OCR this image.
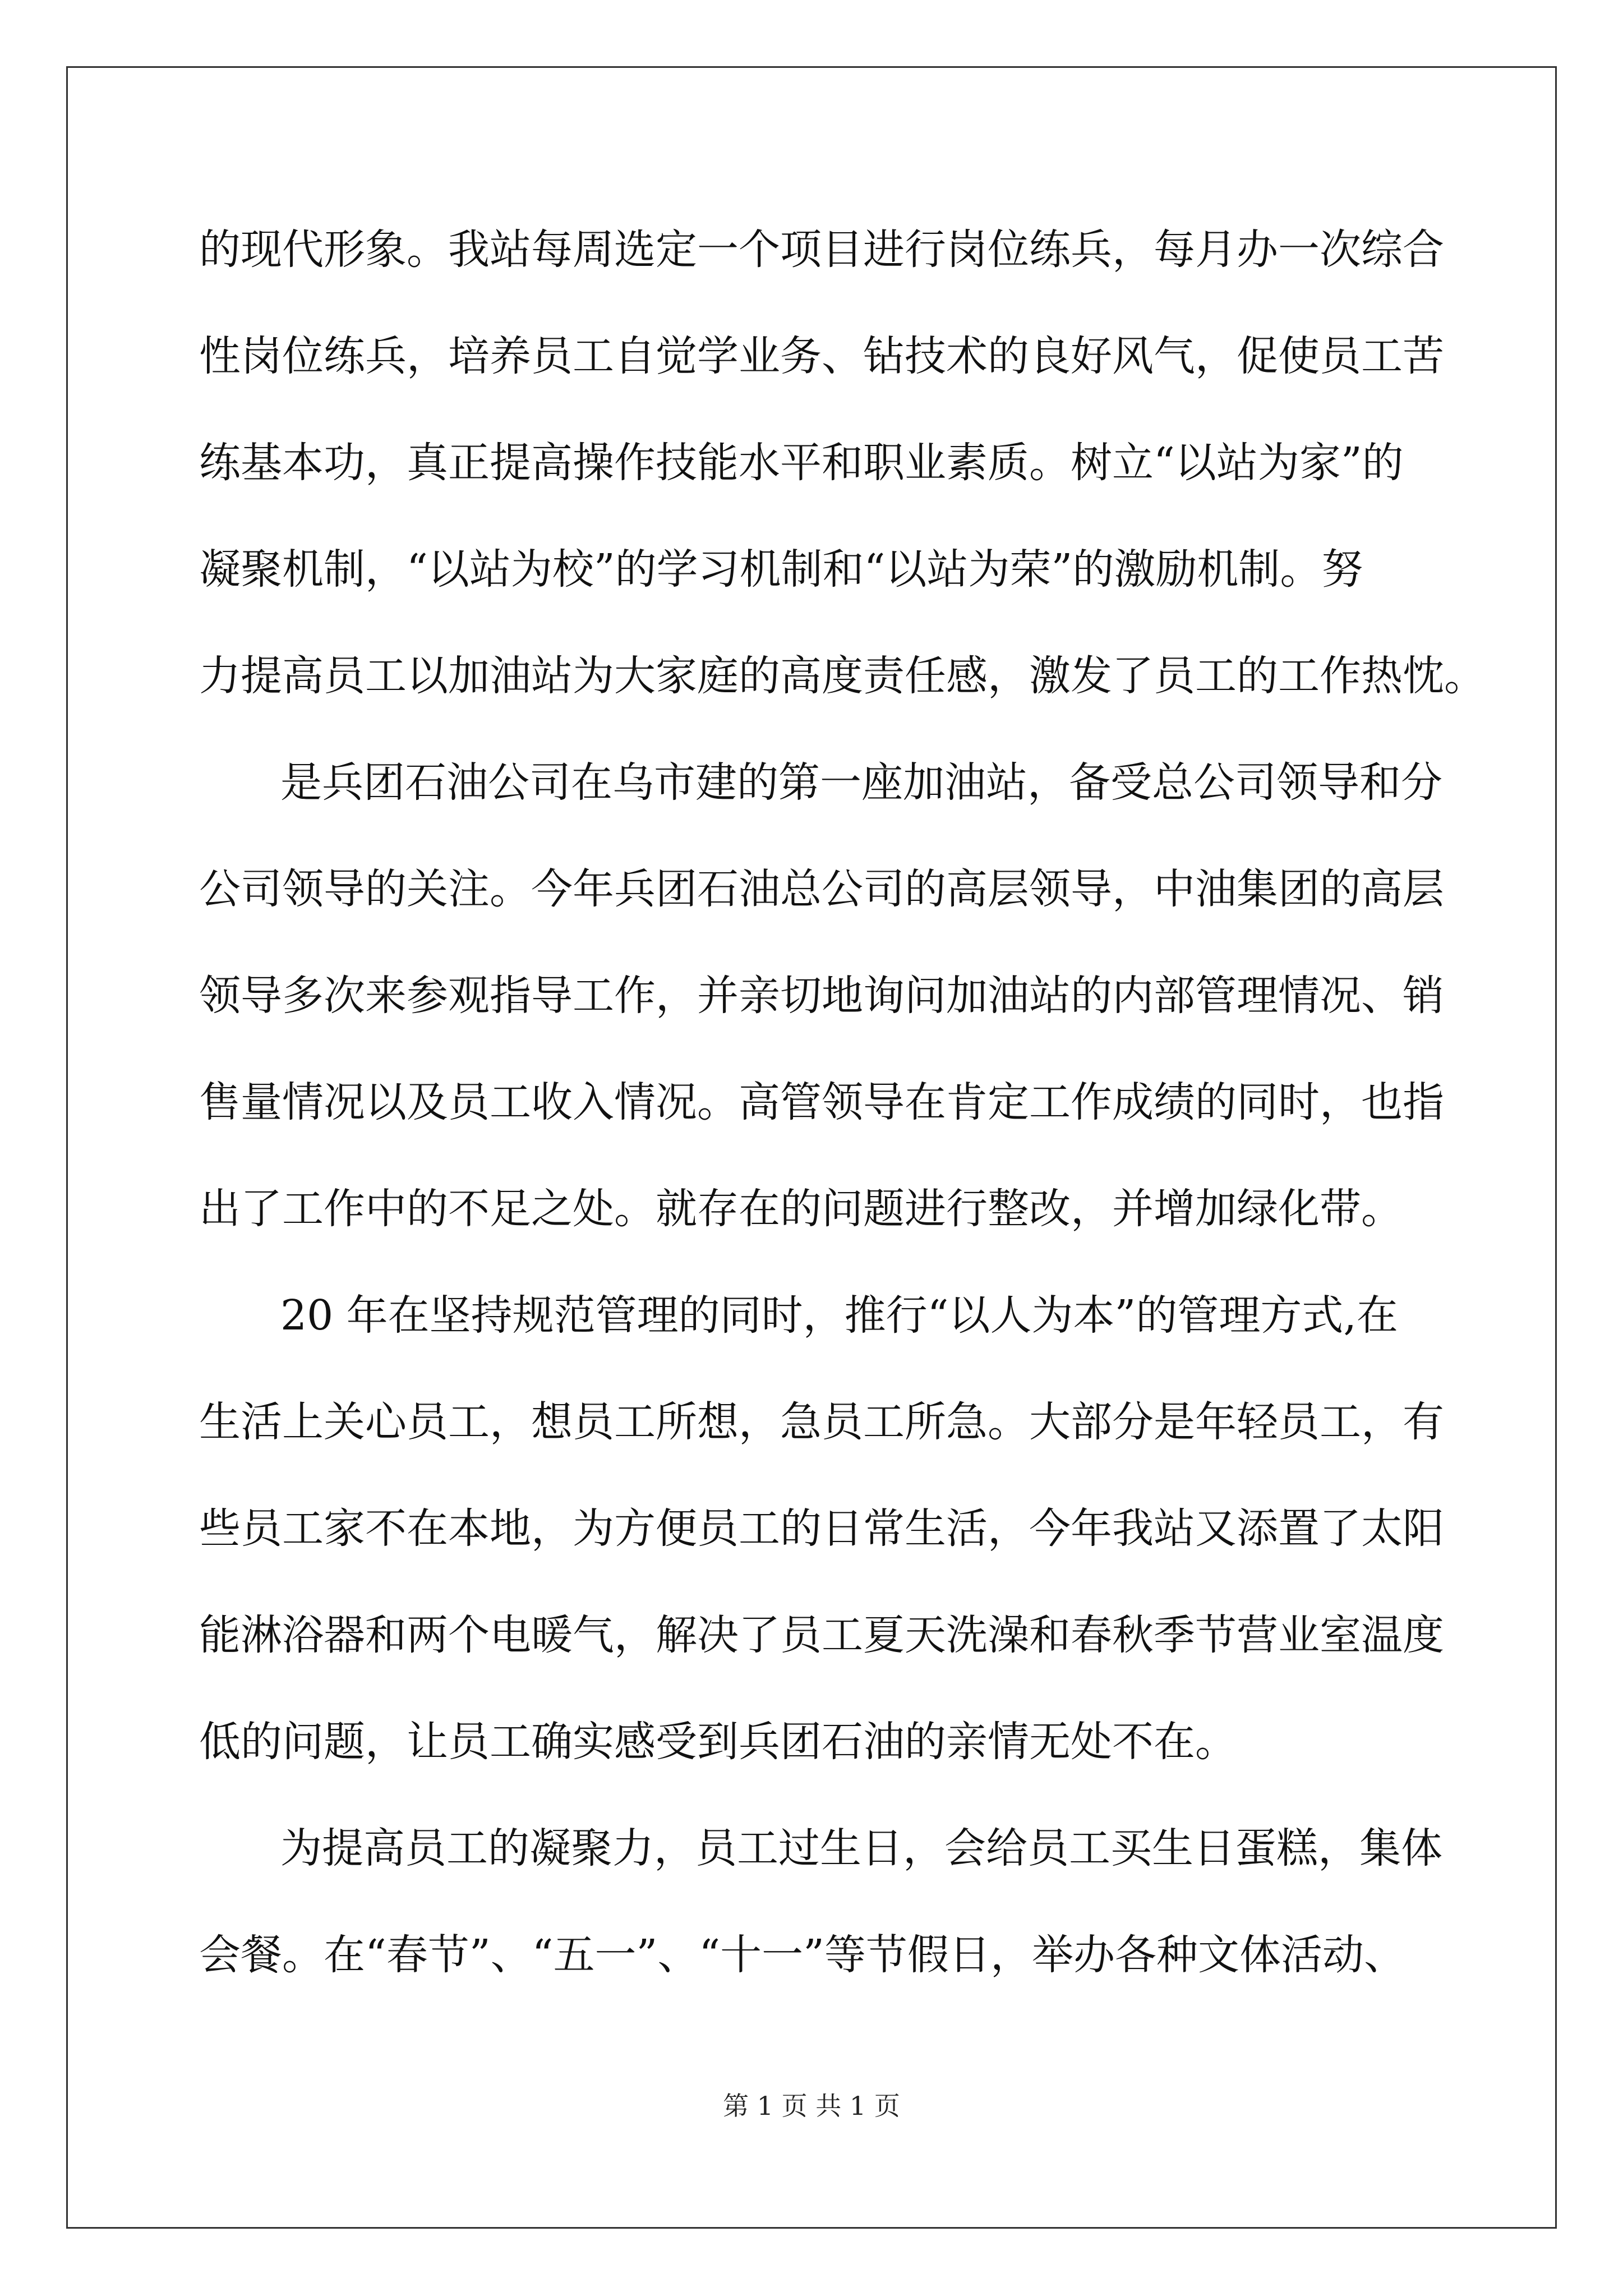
的现代形象。我站每周选定一个项目进行岗位练兵，每月办一次综合
性岗位练兵，培养员工自觉学业务、钻技术的良好风气，促使员工苦
练基本功，真正提高操作技能水平和职业素质。树立“以站为家”的
凝聚机制，“以站为校”的学习机制和“以站为荣”的激励机制。努
力提高员工以加油站为大家庭的高度责任感，激发了员工的工作热忱。
是兵团石油公司在乌市建的第一座加油站，备受总公司领导和分
公司领导的关注。今年兵团石油总公司的高层领导，中油集团的高层
领导多次来参观指导工作，并亲切地询问加油站的内部管理情况、销
售量情况以及员工收入情况。高管领导在肯定工作成绩的同时，也指
出了工作中的不足之处。就存在的问题进行整改，并增加绿化带。
20 年在坚持规范管理的同时，推行“以人为本”的管理方式,在
生活上关心员工，想员工所想，急员工所急。大部分是年轻员工，有
些员工家不在本地，为方便员工的日常生活，今年我站又添置了太阳
能淋浴器和两个电暖气，解决了员工夏天洗澡和春秋季节营业室温度
低的问题，让员工确实感受到兵团石油的亲情无处不在。
为提高员工的凝聚力，员工过生日，会给员工买生日蛋糕，集体
会餐。在“春节”、“五一”、“十一”等节假日，举办各种文体活动、
第 1 页 共 1 页
